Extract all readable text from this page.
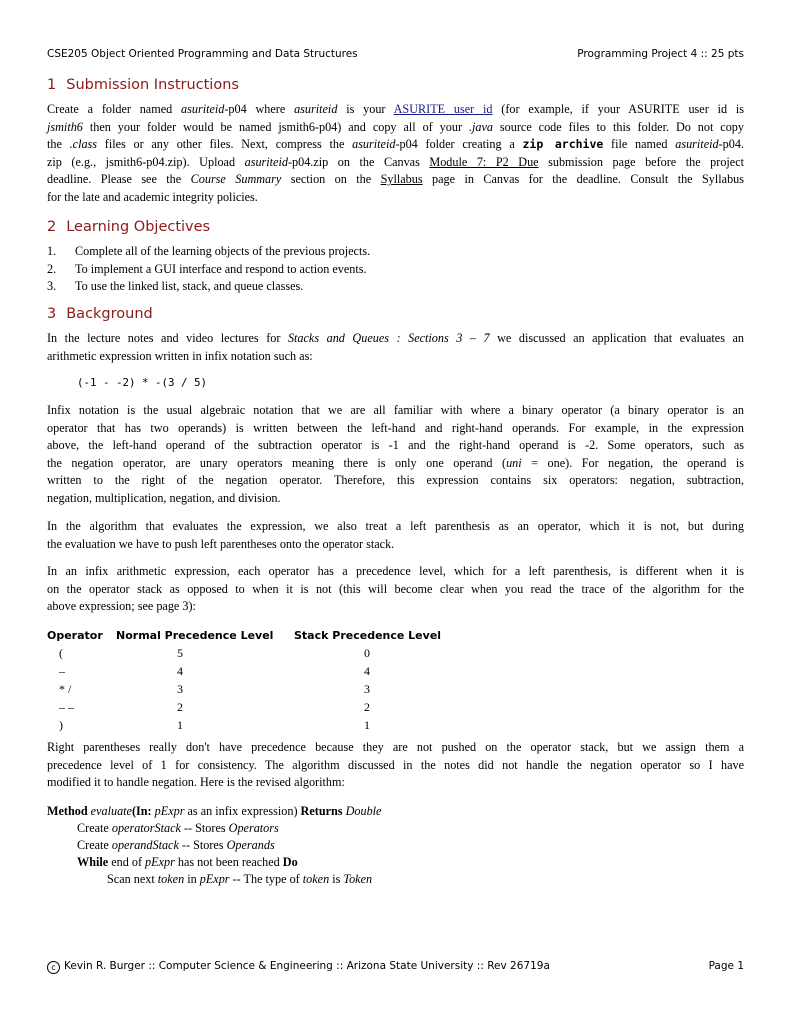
CSE205 Object Oriented Programming and Data Structures	Programming Project 4 :: 25 pts
1 Submission Instructions
Create a folder named asuriteid-p04 where asuriteid is your ASURITE user id (for example, if your ASURITE user id is
jsmith6 then your folder would be named jsmith6-p04) and copy all of your .java source code files to this folder. Do not copy
the .class files or any other files. Next, compress the asuriteid-p04 folder creating a zip archive file named asuriteid-p04.
zip (e.g., jsmith6-p04.zip). Upload asuriteid-p04.zip on the Canvas Module 7: P2 Due submission page before the project
deadline. Please see the Course Summary section on the Syllabus page in Canvas for the deadline. Consult the Syllabus
for the late and academic integrity policies.
2 Learning Objectives
1.	Complete all of the learning objects of the previous projects.
2.	To implement a GUI interface and respond to action events.
3.	To use the linked list, stack, and queue classes.
3 Background
In the lecture notes and video lectures for Stacks and Queues : Sections 3 – 7 we discussed an application that evaluates an
arithmetic expression written in infix notation such as:
(-1 - -2) * -(3 / 5)
Infix notation is the usual algebraic notation that we are all familiar with where a binary operator (a binary operator is an
operator that has two operands) is written between the left-hand and right-hand operands. For example, in the expression
above, the left-hand operand of the subtraction operator is -1 and the right-hand operand is -2. Some operators, such as
the negation operator, are unary operators meaning there is only one operand (uni = one). For negation, the operand is
written to the right of the negation operator. Therefore, this expression contains six operators: negation, subtraction,
negation, multiplication, negation, and division.
In the algorithm that evaluates the expression, we also treat a left parenthesis as an operator, which it is not, but during
the evaluation we have to push left parentheses onto the operator stack.
In an infix arithmetic expression, each operator has a precedence level, which for a left parenthesis, is different when it is
on the operator stack as opposed to when it is not (this will become clear when you read the trace of the algorithm for the
above expression; see page 3):
Operator	Normal Precedence Level	Stack Precedence Level
(	5	0
–	4	4
* /	3	3
– –	2	2
)	1	1
Right parentheses really don't have precedence because they are not pushed on the operator stack, but we assign them a
precedence level of 1 for consistency. The algorithm discussed in the notes did not handle the negation operator so I have
modified it to handle negation. Here is the revised algorithm:
Method evaluate(In: pExpr as an infix expression) Returns Double
Create operatorStack -- Stores Operators
Create operandStack -- Stores Operands
While end of pExpr has not been reached Do
Scan next token in pExpr -- The type of token is Token
c Kevin R. Burger :: Computer Science & Engineering :: Arizona State University :: Rev 26719a	Page 1
